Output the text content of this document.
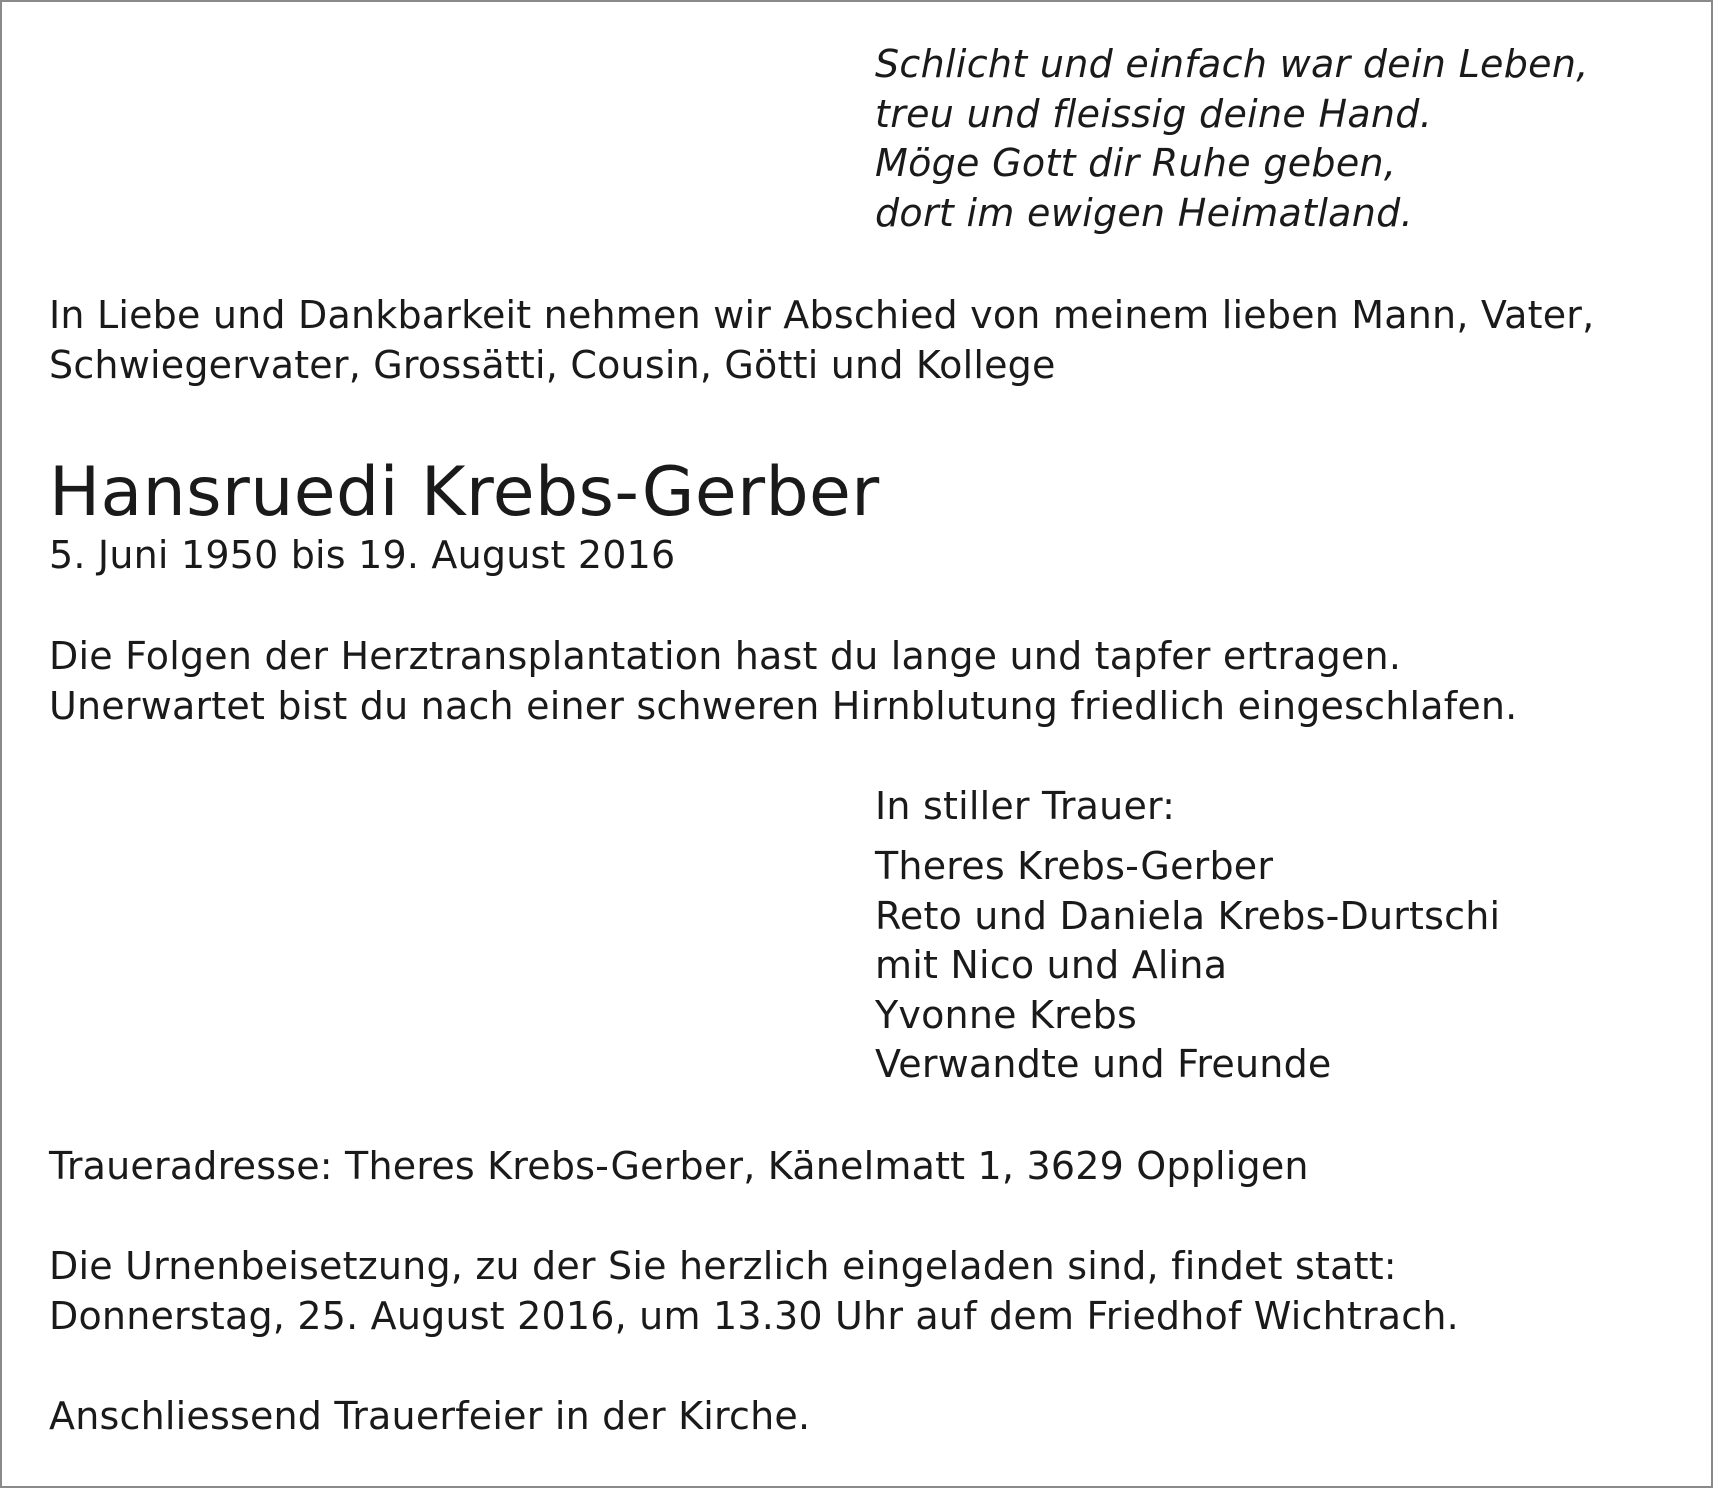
Schlicht und einfach war dein Leben,
treu und fleissig deine Hand.
Möge Gott dir Ruhe geben,
dort im ewigen Heimatland.
In Liebe und Dankbarkeit nehmen wir Abschied von meinem lieben Mann, Vater,
Schwiegervater, Grossätti, Cousin, Götti und Kollege
Hansruedi Krebs-Gerber
5. Juni 1950 bis 19. August 2016
Die Folgen der Herztransplantation hast du lange und tapfer ertragen.
Unerwartet bist du nach einer schweren Hirnblutung friedlich eingeschlafen.
In stiller Trauer:
Theres Krebs-Gerber
Reto und Daniela Krebs-Durtschi
mit Nico und Alina
Yvonne Krebs
Verwandte und Freunde
Traueradresse: Theres Krebs-Gerber, Känelmatt 1, 3629 Oppligen
Die Urnenbeisetzung, zu der Sie herzlich eingeladen sind, findet statt:
Donnerstag, 25. August 2016, um 13.30 Uhr auf dem Friedhof Wichtrach.
Anschliessend Trauerfeier in der Kirche.
